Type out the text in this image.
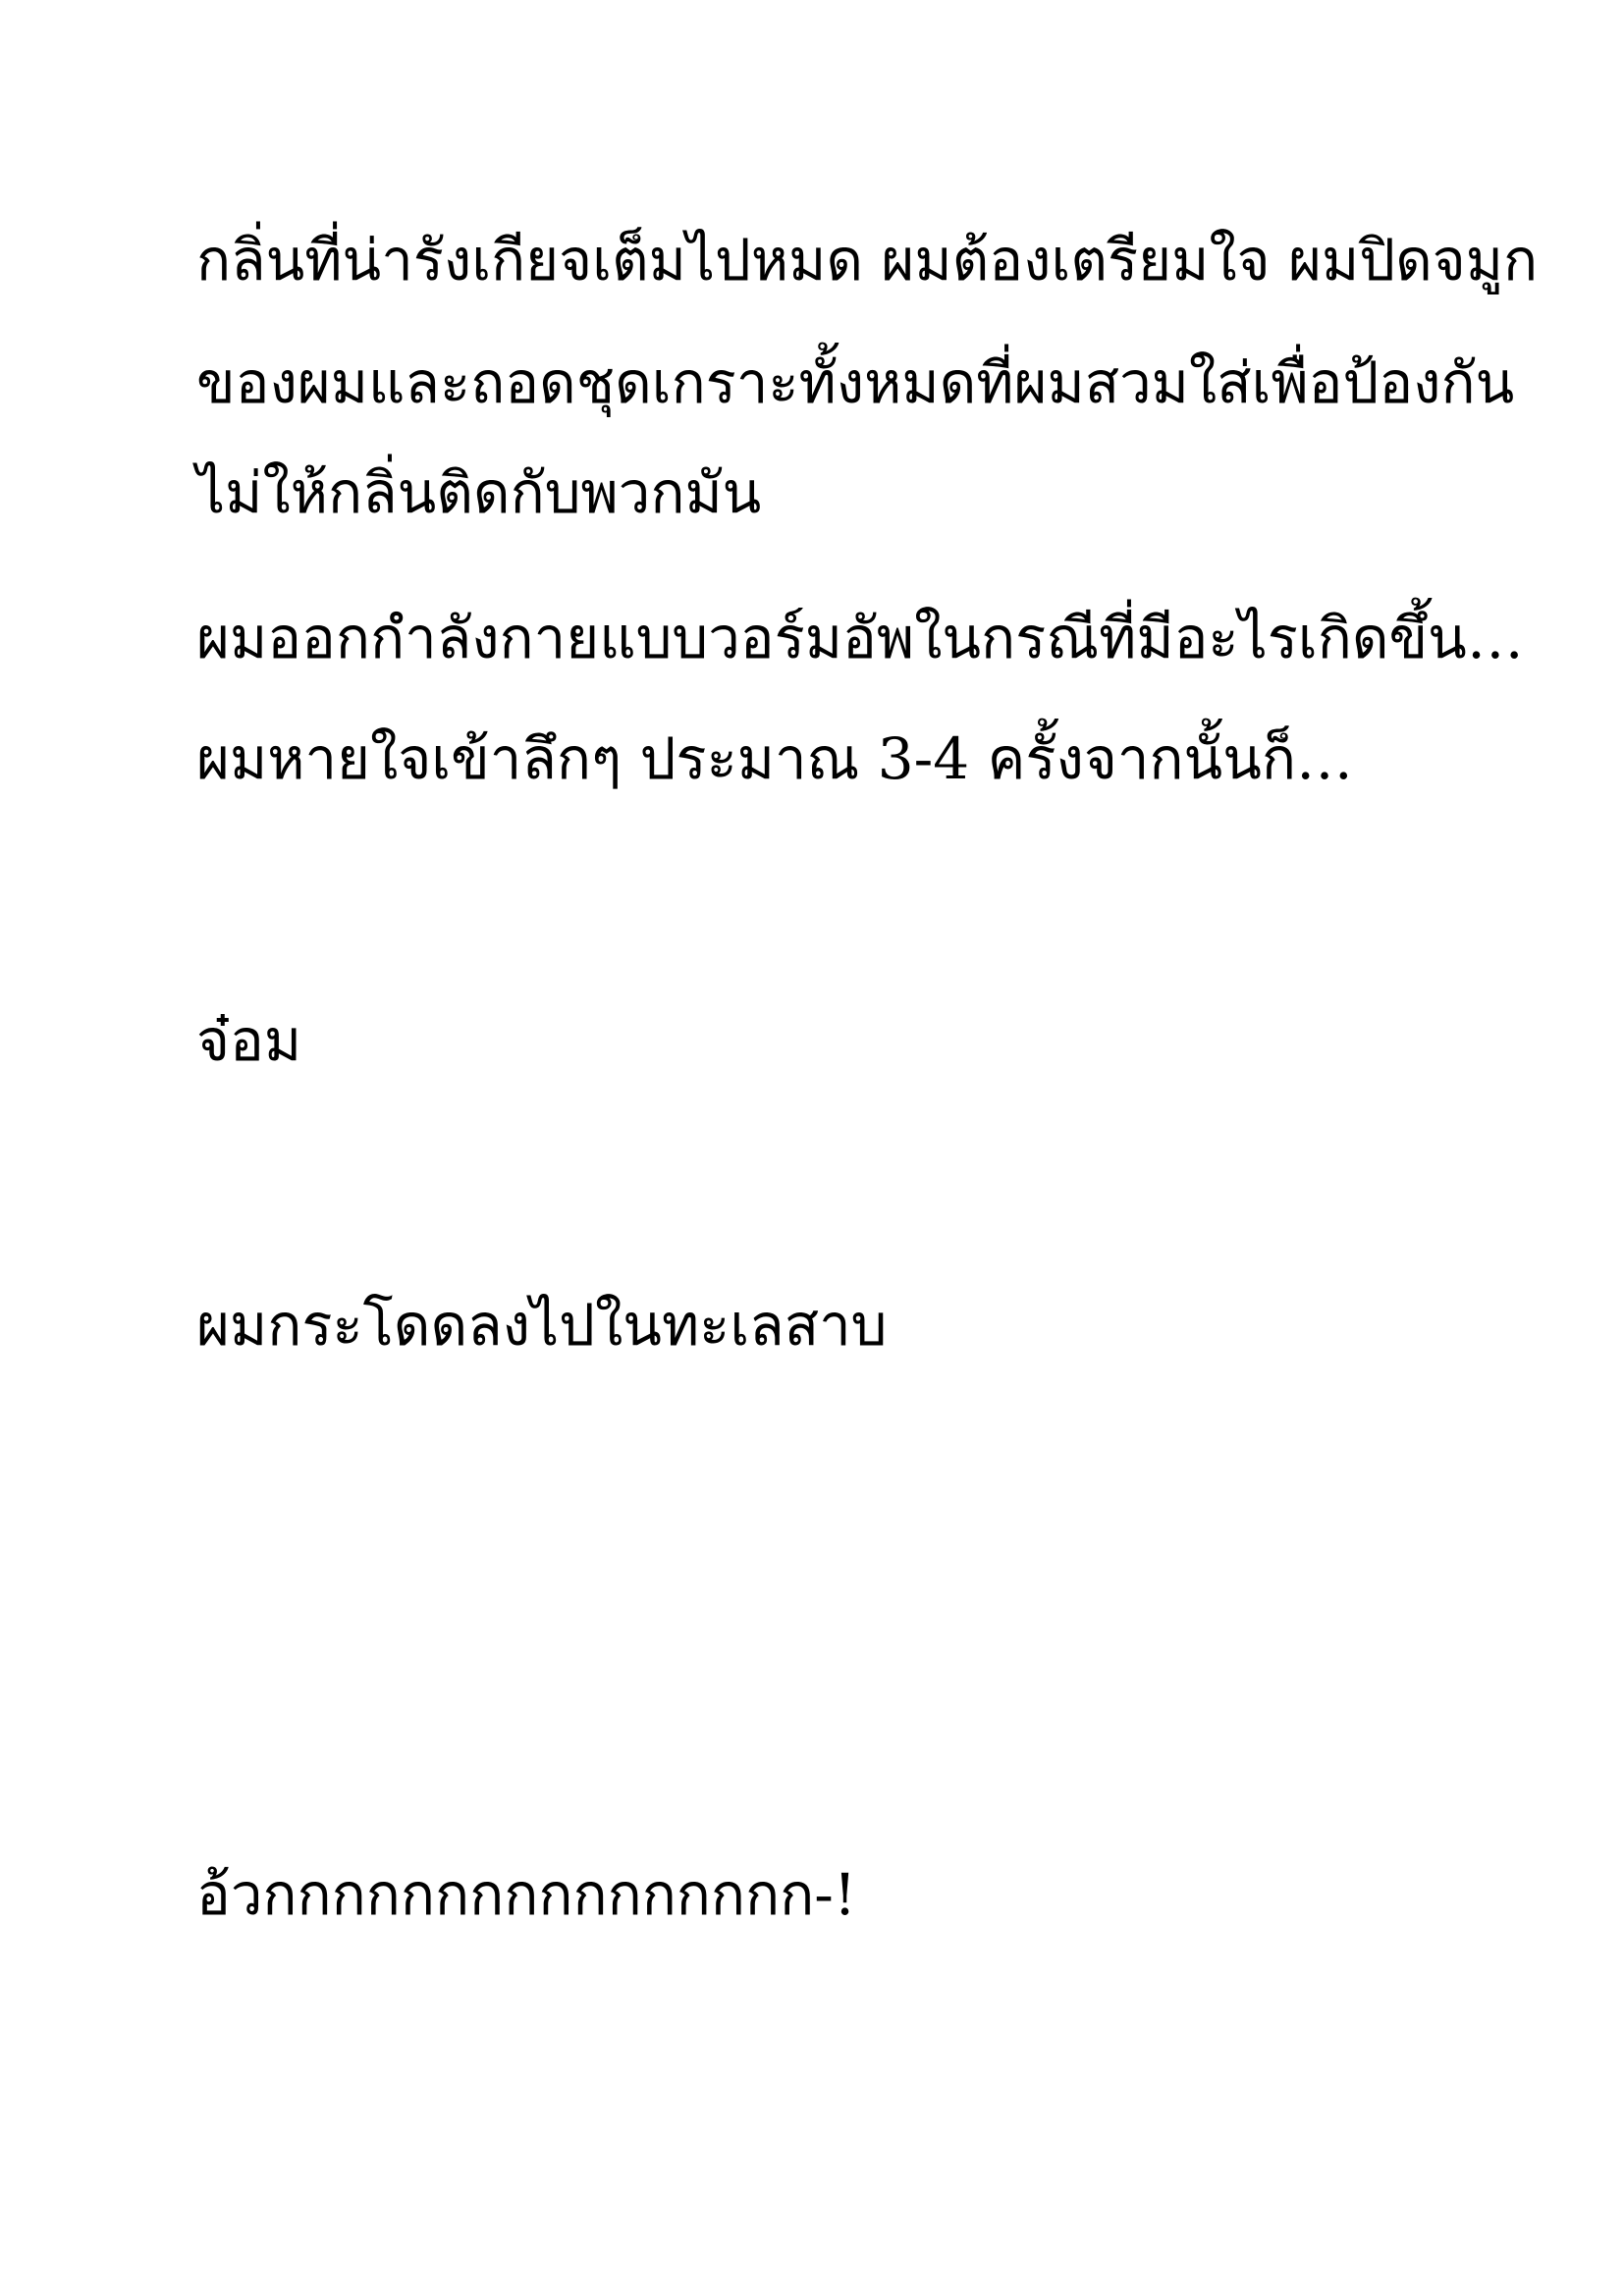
กลิ่นที่น่ารังเกียจเต็มไปหมด ผมต้องเตรียมใจ ผมปิดจมูก

ของผมและถอดชุดเกราะทั้งหมดที่ผมสวมใส่เพื่อป้องกัน

ไม่ให้กลิ่นติดกับพวกมัน

ผมออกกำลังกายแบบวอร์มอัพในกรณีที่มีอะไรเกิดขึ้น…

ผมหายใจเข้าลึกๆ ประมาณ 3-4 ครั้งจากนั้นก็…

จ๋อม

ผมกระโดดลงไปในทะเลสาบ

อ้วกกกกกกกกกกกกกกกก-!
